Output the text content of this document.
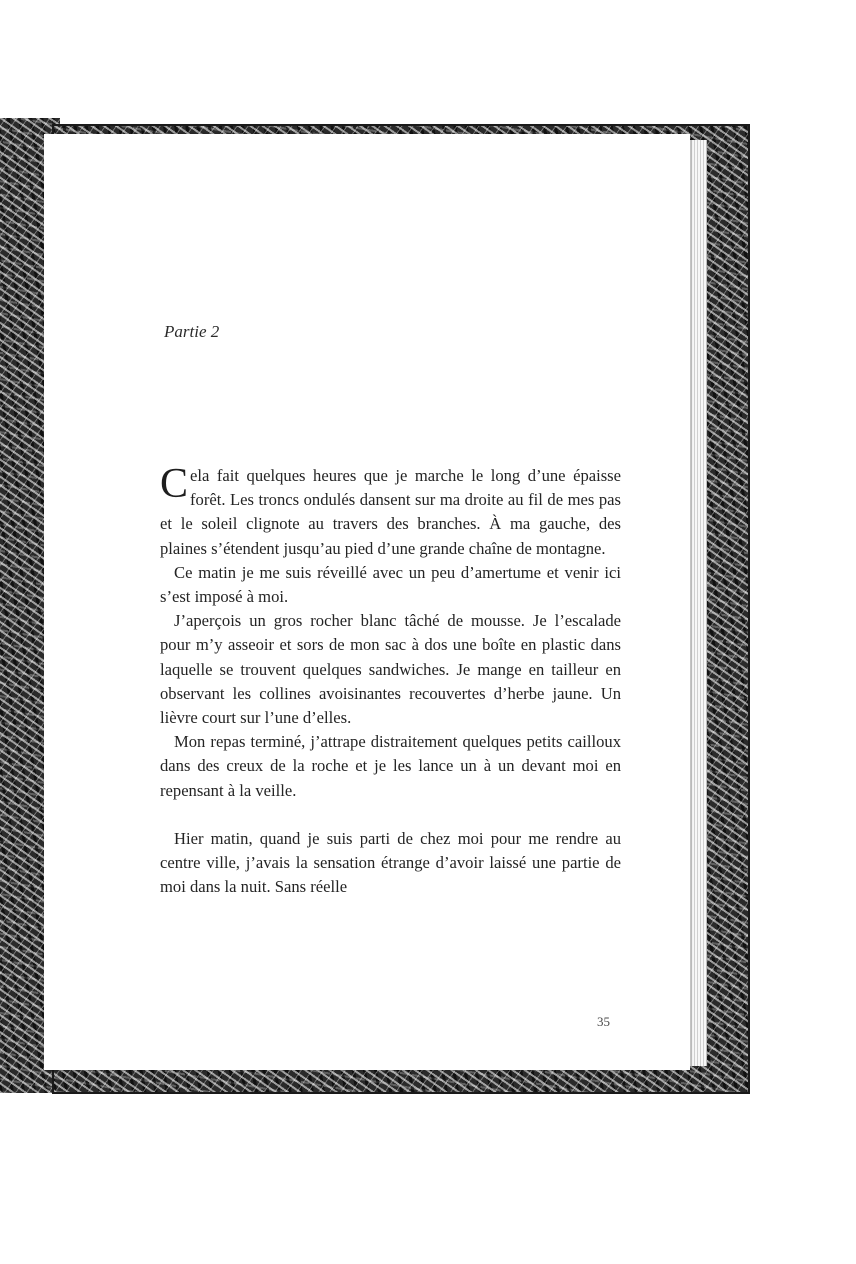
Partie 2

Cela fait quelques heures que je marche le long d’une épaisse forêt. Les troncs ondulés dansent sur ma droite au fil de mes pas et le soleil clignote au travers des branches. À ma gauche, des plaines s’étendent jusqu’au pied d’une grande chaîne de montagne.

Ce matin je me suis réveillé avec un peu d’amertume et venir ici s’est imposé à moi.

J’aperçois un gros rocher blanc tâché de mousse. Je l’escalade pour m’y asseoir et sors de mon sac à dos une boîte en plastic dans laquelle se trouvent quelques sandwiches. Je mange en tailleur en observant les collines avoisinantes recouvertes d’herbe jaune. Un lièvre court sur l’une d’elles.

Mon repas terminé, j’attrape distraitement quelques petits cailloux dans des creux de la roche et je les lance un à un devant moi en repensant à la veille.

Hier matin, quand je suis parti de chez moi pour me rendre au centre ville, j’avais la sensation étrange d’avoir laissé une partie de moi dans la nuit. Sans réelle

35
